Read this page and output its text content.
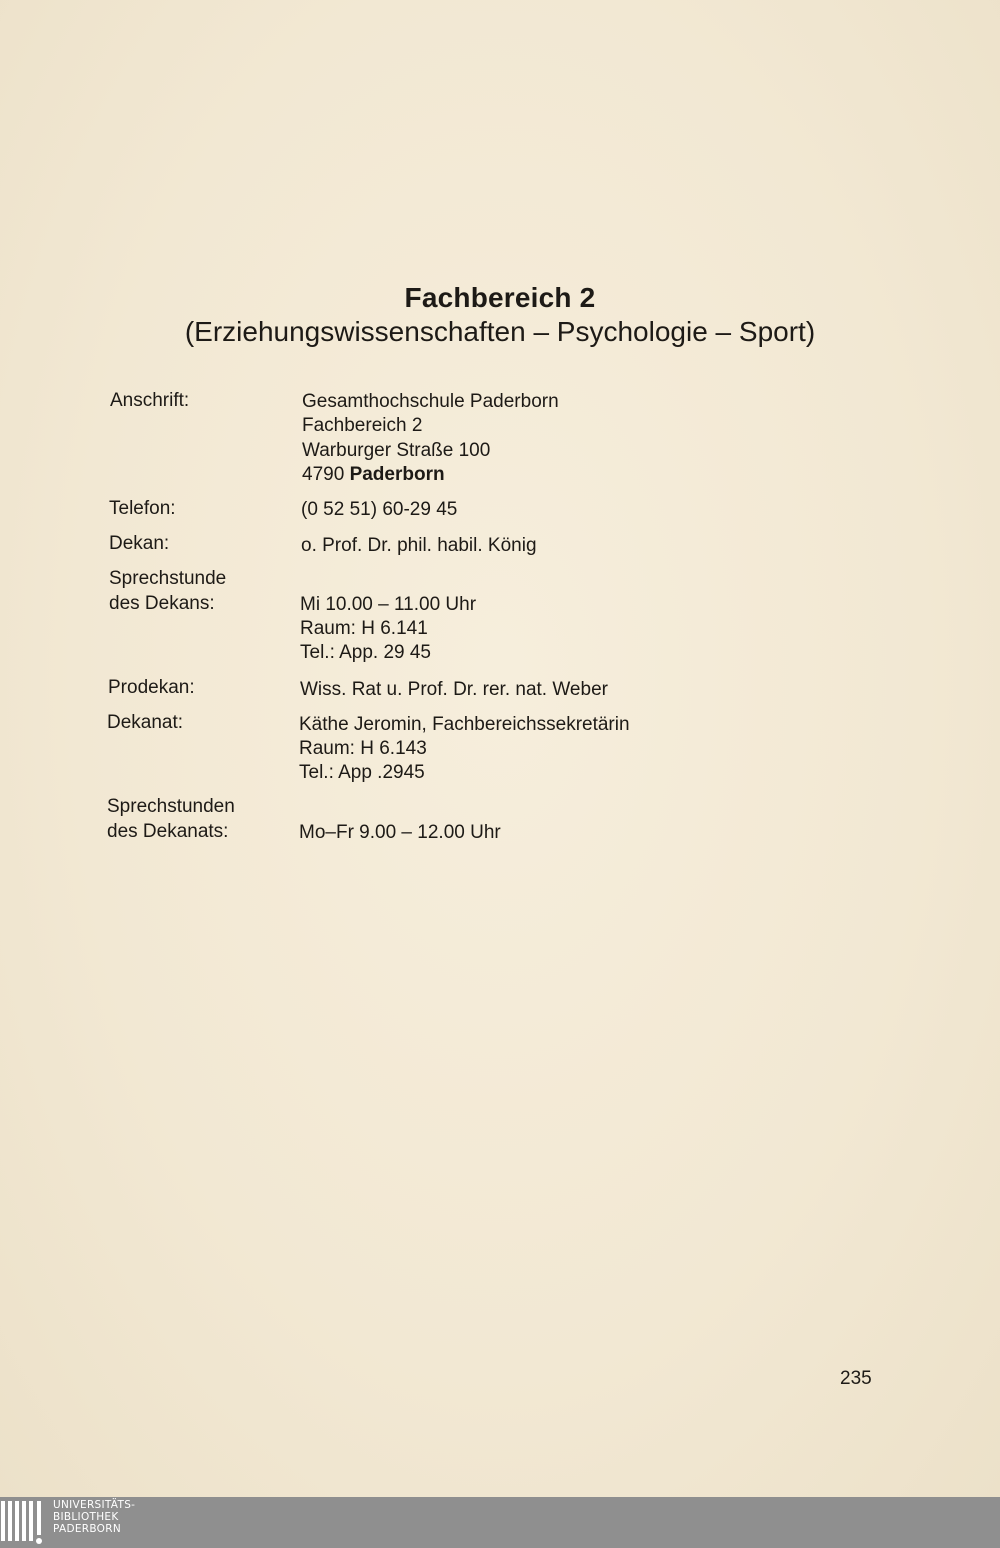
Fachbereich 2
(Erziehungswissenschaften – Psychologie – Sport)
Anschrift:	Gesamthochschule Paderborn
Fachbereich 2
Warburger Straße 100
4790 Paderborn
Telefon:	(0 52 51) 60-29 45
Dekan:	o. Prof. Dr. phil. habil. König
Sprechstunde
des Dekans:	Mi 10.00 – 11.00 Uhr
Raum: H 6.141
Tel.: App. 29 45
Prodekan:	Wiss. Rat u. Prof. Dr. rer. nat. Weber
Dekanat:	Käthe Jeromin, Fachbereichssekretärin
Raum: H 6.143
Tel.: App .2945
Sprechstunden
des Dekanats:	Mo–Fr 9.00 – 12.00 Uhr
235
UNIVERSITÄTS-
BIBLIOTHEK
PADERBORN
